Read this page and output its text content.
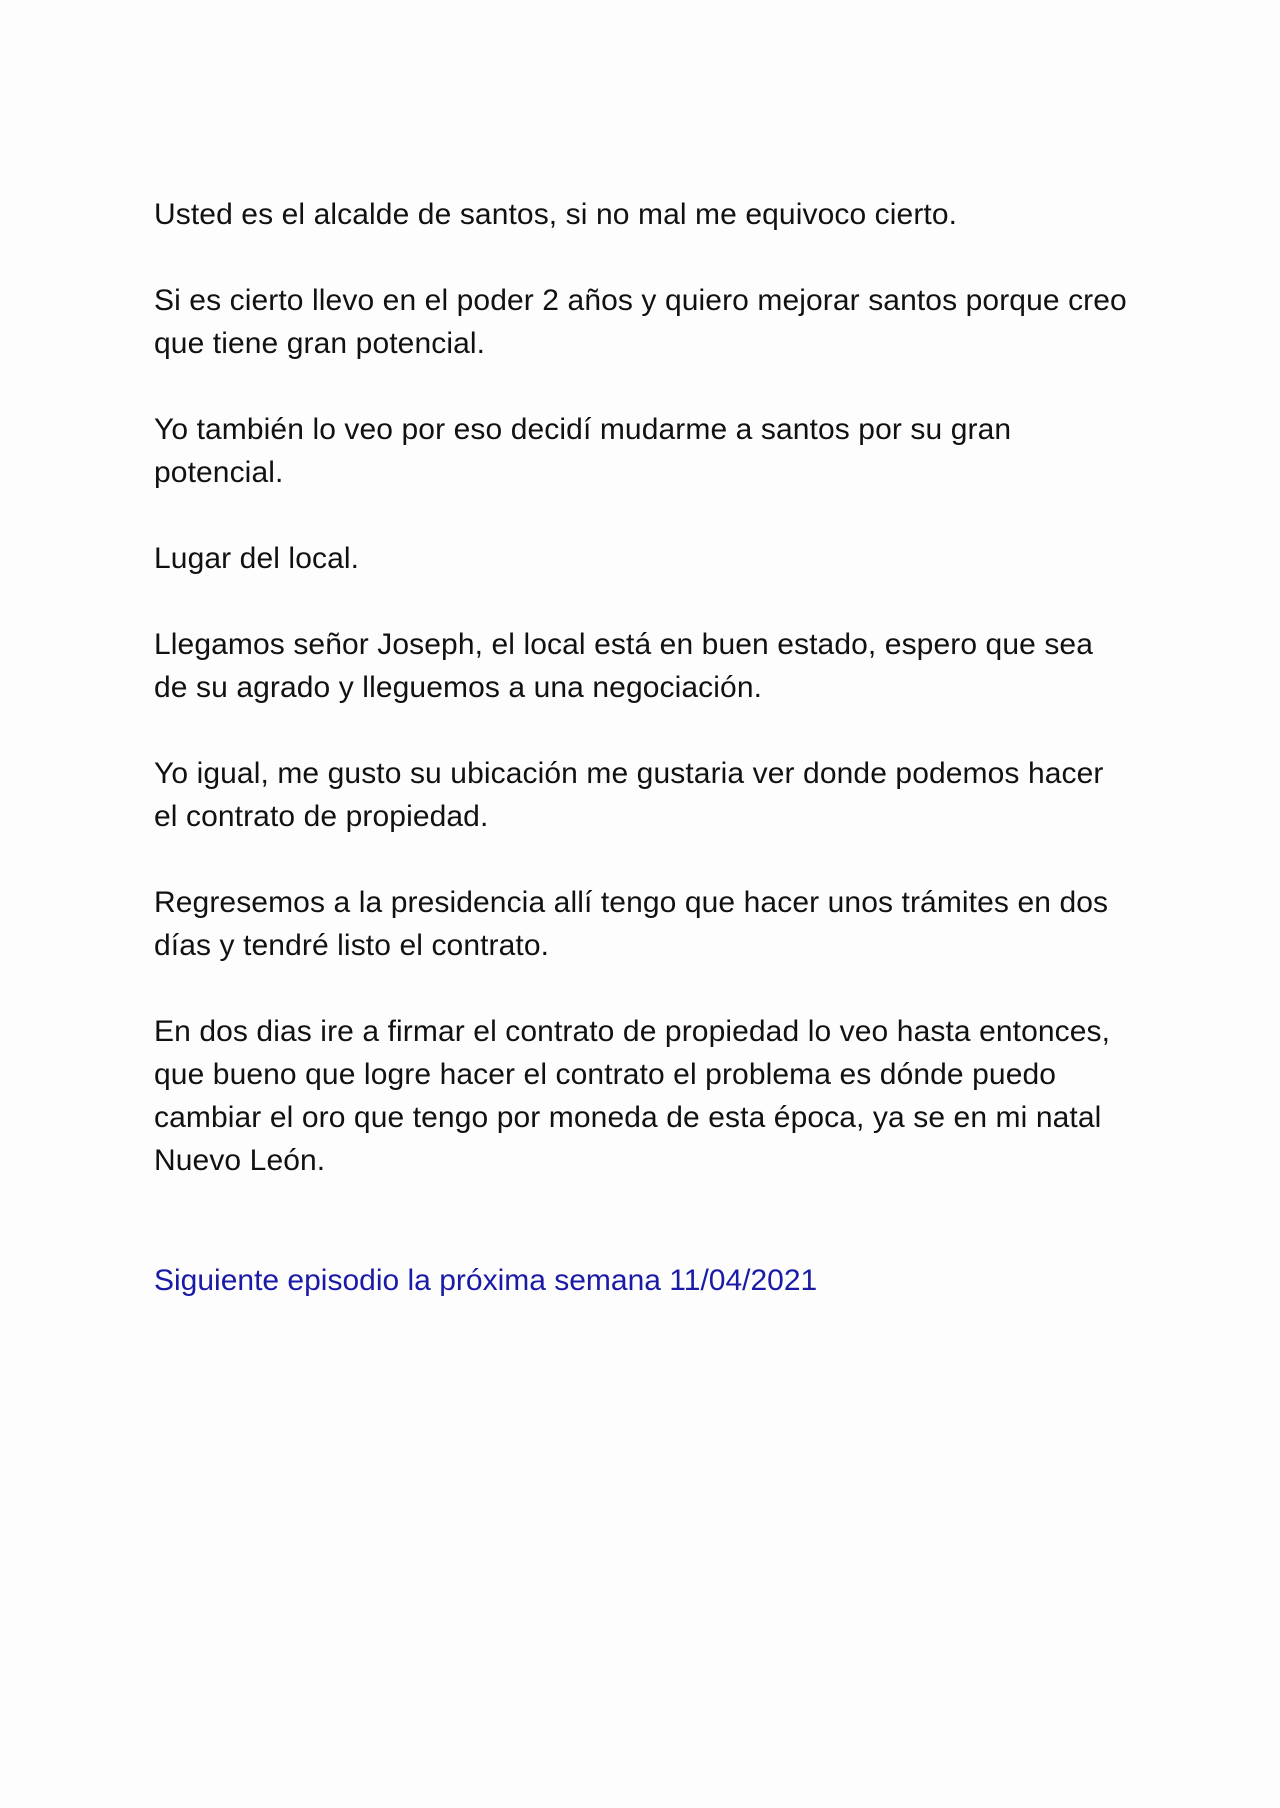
Usted es el alcalde de santos, si no mal me equivoco cierto.

Si es cierto llevo en el poder 2 años y quiero mejorar santos porque creo que tiene gran potencial.

Yo también lo veo por eso decidí mudarme a santos por su gran potencial.

Lugar del local.

Llegamos señor Joseph, el local está en buen estado, espero que sea de su agrado y lleguemos a una negociación.

Yo igual, me gusto su ubicación me gustaria ver donde podemos hacer el contrato de propiedad.

Regresemos a la presidencia allí tengo que hacer unos trámites en dos días y tendré listo el contrato.

En dos dias ire a firmar el contrato de propiedad lo veo hasta entonces, que bueno que logre hacer el contrato el problema es dónde puedo cambiar el oro que tengo por moneda de esta época, ya se en mi natal Nuevo León.

Siguiente episodio la próxima semana 11/04/2021
